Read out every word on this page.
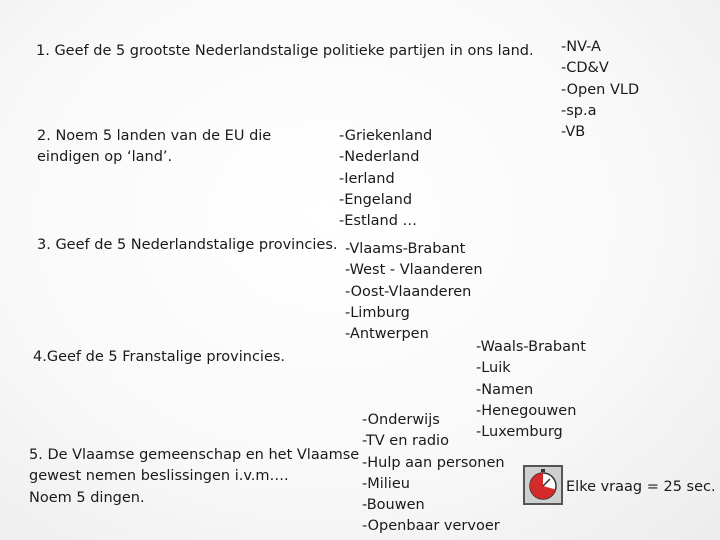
1. Geef de 5 grootste Nederlandstalige politieke partijen in ons land. -NV-A
-CD&V
-Open VLD
-sp.a
-VB
2. Noem 5 landen van de EU die
eindigen op ‘land’.
-Griekenland
-Nederland
-Ierland
-Engeland
-Estland …
3. Geef de 5 Nederlandstalige provincies. -Vlaams-Brabant
-West - Vlaanderen
-Oost-Vlaanderen
-Limburg
-Antwerpen
4.Geef de 5 Franstalige provincies.
-Waals-Brabant
-Luik
-Namen
-Henegouwen
-Luxemburg
5. De Vlaamse gemeenschap en het Vlaamse
gewest nemen beslissingen i.v.m….
Noem 5 dingen.
-Onderwijs
-TV en radio
-Hulp aan personen
-Milieu
-Bouwen
-Openbaar vervoer
Elke vraag = 25 sec.
